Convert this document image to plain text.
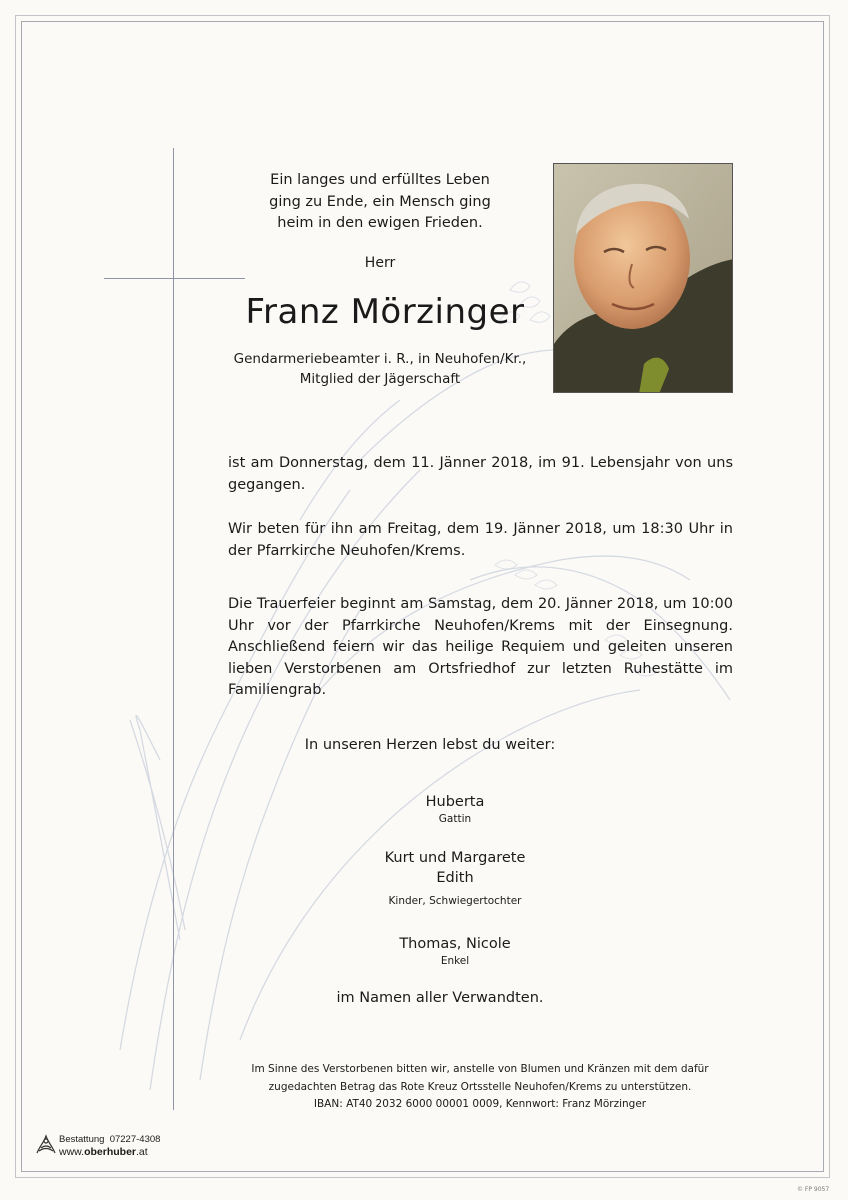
Ein langes und erfülltes Leben
ging zu Ende, ein Mensch ging
heim in den ewigen Frieden.
Herr
Franz Mörzinger
Gendarmeriebeamter i. R., in Neuhofen/Kr.,
Mitglied der Jägerschaft
ist am Donnerstag, dem 11. Jänner 2018, im 91. Lebensjahr von uns gegangen.
Wir beten für ihn am Freitag, dem 19. Jänner 2018, um 18:30 Uhr in der Pfarrkirche Neuhofen/Krems.
Die Trauerfeier beginnt am Samstag, dem 20. Jänner 2018, um 10:00 Uhr vor der Pfarrkirche Neuhofen/Krems mit der Einsegnung. Anschließend feiern wir das heilige Requiem und geleiten unseren lieben Verstorbenen am Ortsfriedhof zur letzten Ruhestätte im Familiengrab.
In unseren Herzen lebst du weiter:
Huberta
Gattin
Kurt und Margarete
Edith
Kinder, Schwiegertochter
Thomas, Nicole
Enkel
im Namen aller Verwandten.
Im Sinne des Verstorbenen bitten wir, anstelle von Blumen und Kränzen mit dem dafür
zugedachten Betrag das Rote Kreuz Ortsstelle Neuhofen/Krems zu unterstützen.
IBAN: AT40 2032 6000 00001 0009, Kennwort: Franz Mörzinger
Bestattung 07227-4308
www.oberhuber.at
© FP 9057
